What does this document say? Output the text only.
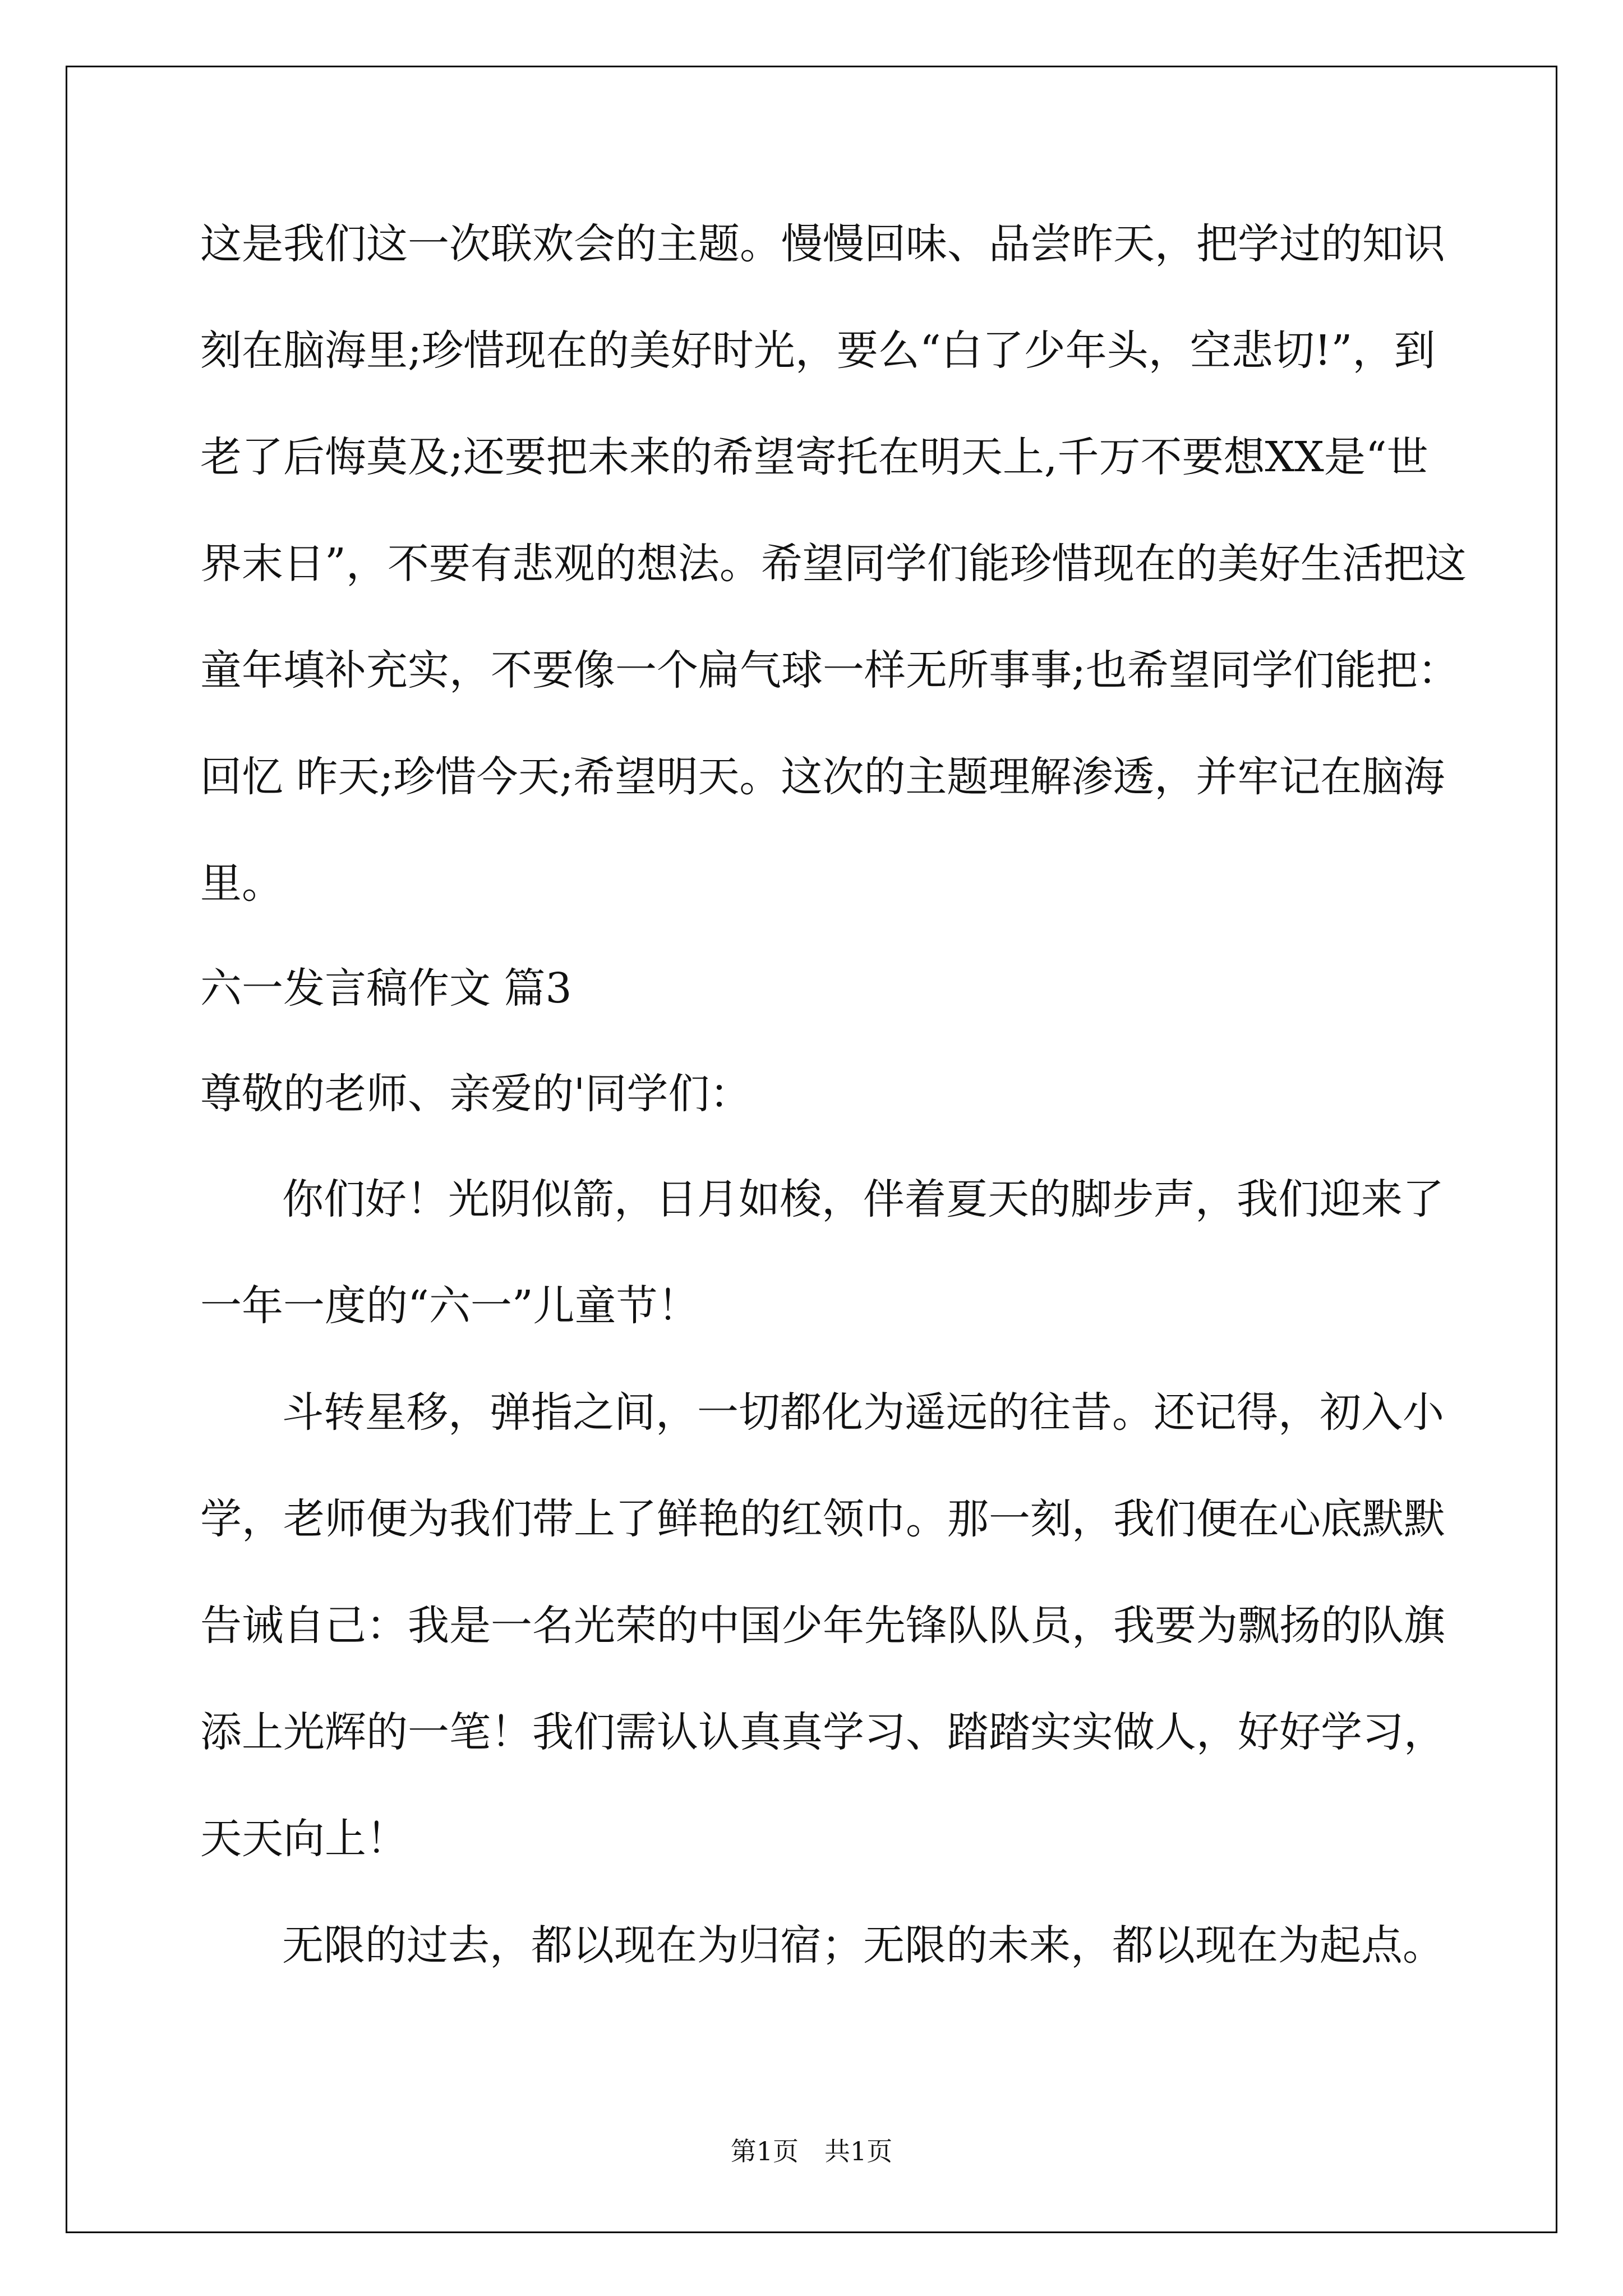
这是我们这一次联欢会的主题。慢慢回味、品尝昨天，把学过的知识
刻在脑海里;珍惜现在的美好时光，要么“白了少年头，空悲切!”，到
老了后悔莫及;还要把未来的希望寄托在明天上,千万不要想XX是“世
界末日”，不要有悲观的想法。希望同学们能珍惜现在的美好生活把这
童年填补充实，不要像一个扁气球一样无所事事;也希望同学们能把：
回忆 昨天;珍惜今天;希望明天。这次的主题理解渗透，并牢记在脑海
里。
六一发言稿作文 篇3
尊敬的老师、亲爱的'同学们：
你们好！光阴似箭，日月如梭，伴着夏天的脚步声，我们迎来了
一年一度的“六一”儿童节！
斗转星移，弹指之间，一切都化为遥远的往昔。还记得，初入小
学，老师便为我们带上了鲜艳的红领巾。那一刻，我们便在心底默默
告诫自己：我是一名光荣的中国少年先锋队队员，我要为飘扬的队旗
添上光辉的一笔！我们需认认真真学习、踏踏实实做人，好好学习，
天天向上！
无限的过去，都以现在为归宿；无限的未来，都以现在为起点。
第1页　共1页
